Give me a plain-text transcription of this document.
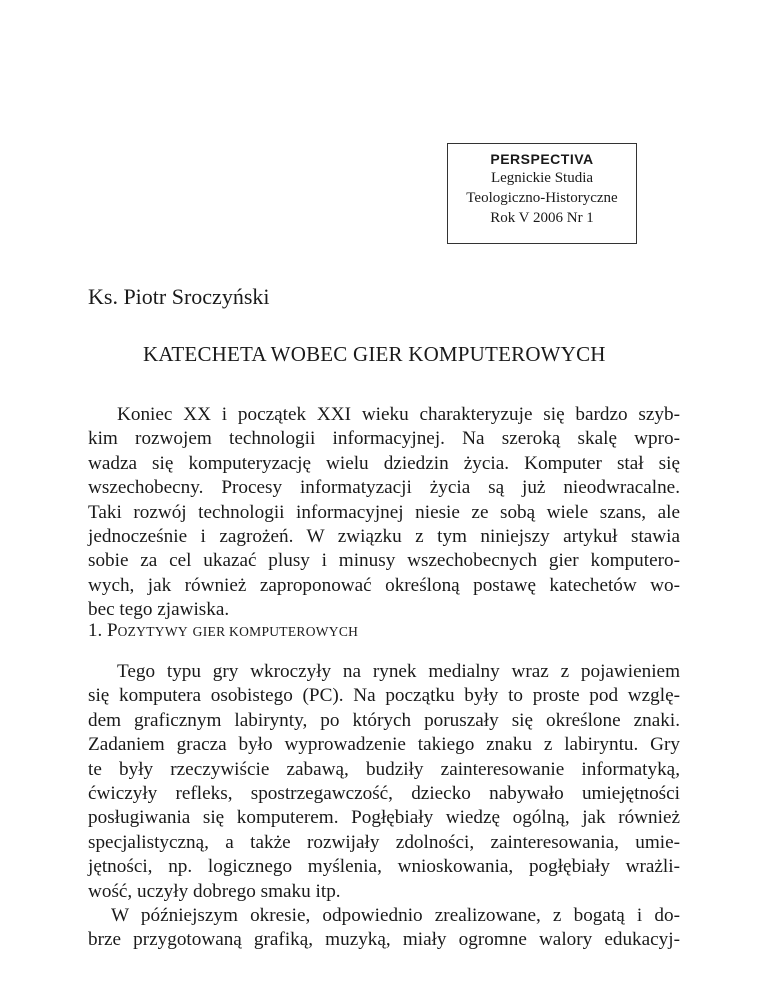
PERSPECTIVA
Legnickie Studia
Teologiczno-Historyczne
Rok V 2006 Nr 1
Ks. Piotr Sroczyński
KATECHETA WOBEC GIER KOMPUTEROWYCH
Koniec XX i początek XXI wieku charakteryzuje się bardzo szyb-
kim rozwojem technologii informacyjnej. Na szeroką skalę wpro-
wadza się komputeryzację wielu dziedzin życia. Komputer stał się
wszechobecny. Procesy informatyzacji życia są już nieodwracalne.
Taki rozwój technologii informacyjnej niesie ze sobą wiele szans, ale
jednocześnie i zagrożeń. W związku z tym niniejszy artykuł stawia
sobie za cel ukazać plusy i minusy wszechobecnych gier komputero-
wych, jak również zaproponować określoną postawę katechetów wo-
bec tego zjawiska.
1. POZYTYWY GIER KOMPUTEROWYCH
Tego typu gry wkroczyły na rynek medialny wraz z pojawieniem
się komputera osobistego (PC). Na początku były to proste pod wzglę-
dem graficznym labirynty, po których poruszały się określone znaki.
Zadaniem gracza było wyprowadzenie takiego znaku z labiryntu. Gry
te były rzeczywiście zabawą, budziły zainteresowanie informatyką,
ćwiczyły refleks, spostrzegawczość, dziecko nabywało umiejętności
posługiwania się komputerem. Pogłębiały wiedzę ogólną, jak również
specjalistyczną, a także rozwijały zdolności, zainteresowania, umie-
jętności, np. logicznego myślenia, wnioskowania, pogłębiały wrażli-
wość, uczyły dobrego smaku itp.
W późniejszym okresie, odpowiednio zrealizowane, z bogatą i do-
brze przygotowaną grafiką, muzyką, miały ogromne walory edukacyj-
